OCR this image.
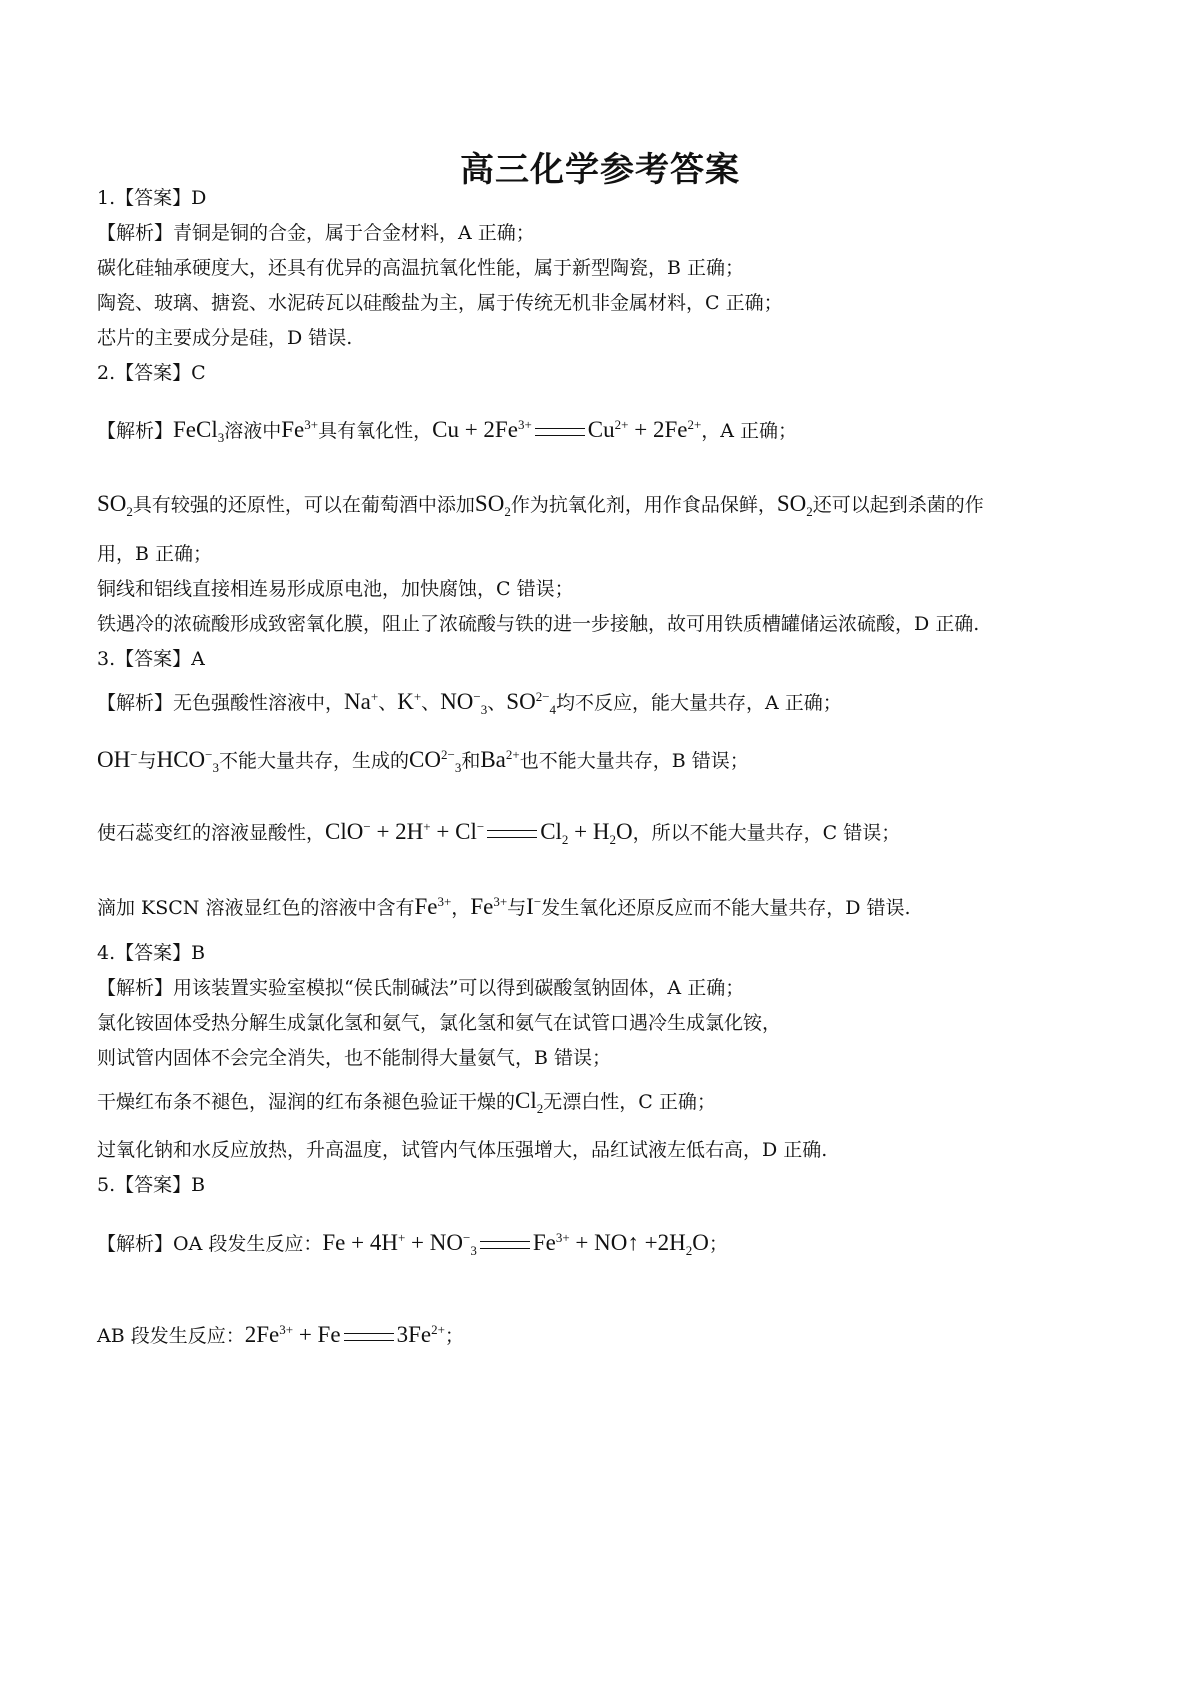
高三化学参考答案
1.【答案】D
【解析】青铜是铜的合金，属于合金材料，A 正确；
碳化硅轴承硬度大，还具有优异的高温抗氧化性能，属于新型陶瓷，B 正确；
陶瓷、玻璃、搪瓷、水泥砖瓦以硅酸盐为主，属于传统无机非金属材料，C 正确；
芯片的主要成分是硅，D 错误.
2.【答案】C
【解析】FeCl$_3$溶液中$Fe^{3+}$具有氧化性，$Cu + 2Fe^{3+}$ $Cu^{2+} + 2Fe^{2+}$，A 正确；
$SO_2$具有较强的还原性，可以在葡萄酒中添加$SO_2$作为抗氧化剂，用作食品保鲜，$SO_2$还可以起到杀菌的作
用，B 正确；
铜线和铝线直接相连易形成原电池，加快腐蚀，C 错误；
铁遇冷的浓硫酸形成致密氧化膜，阻止了浓硫酸与铁的进一步接触，故可用铁质槽罐储运浓硫酸，D 正确.
3.【答案】A
【解析】无色强酸性溶液中，Na+、K+、$NO^-_3$、$SO^{2-}_4$均不反应，能大量共存，A 正确；
OH−与$HCO^-_3$不能大量共存，生成的$CO^{2-}_3$和$Ba^{2+}$也不能大量共存，B 错误；
使石蕊变红的溶液显酸性，ClO− + 2H+ + Cl− $Cl_2 + H_2O$，所以不能大量共存，C 错误；
滴加 KSCN 溶液显红色的溶液中含有$Fe^{3+}$，$Fe^{3+}$与I−发生氧化还原反应而不能大量共存，D 错误.
4.【答案】B
【解析】用该装置实验室模拟“侯氏制碱法”可以得到碳酸氢钠固体，A 正确；
氯化铵固体受热分解生成氯化氢和氨气，氯化氢和氨气在试管口遇冷生成氯化铵，
则试管内固体不会完全消失，也不能制得大量氨气，B 错误；
干燥红布条不褪色，湿润的红布条褪色验证干燥的$Cl_2$无漂白性，C 正确；
过氧化钠和水反应放热，升高温度，试管内气体压强增大，品红试液左低右高，D 正确.
5.【答案】B
【解析】OA 段发生反应：$Fe + 4H^+ + NO^-_3$ $Fe^{3+}$ + NO↑ $+2H_2O$；
AB 段发生反应：$2Fe^{3+} + Fe$ $3Fe^{2+}$；
